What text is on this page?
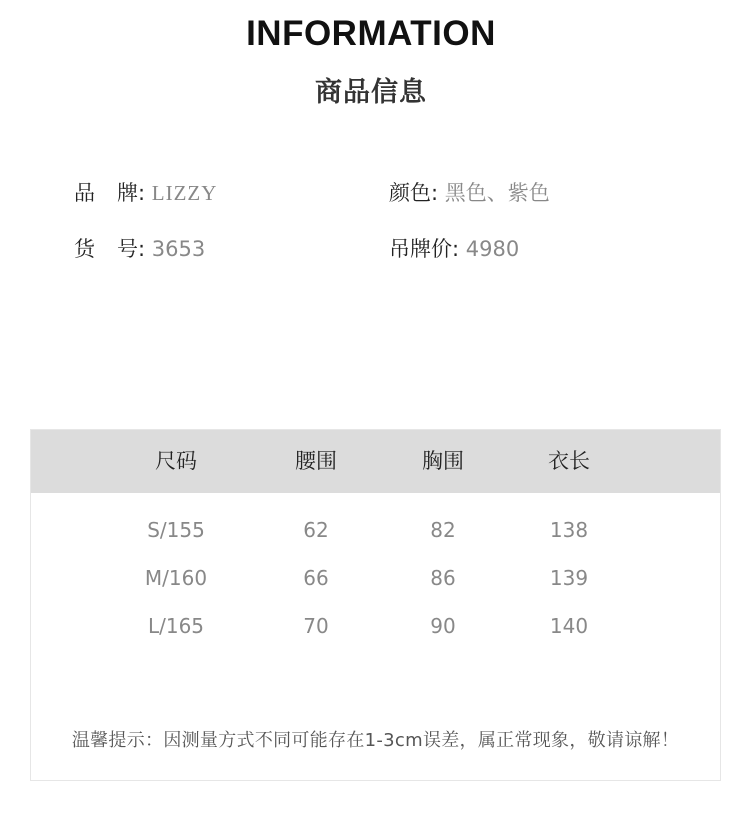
INFORMATION
商品信息
品牌: LIZZY	颜色: 黑色、紫色
货号: 3653	吊牌价: 4980
尺码	腰围	胸围	衣长
S/155	62	82	138
M/160	66	86	139
L/165	70	90	140
温馨提示：因测量方式不同可能存在1-3cm误差，属正常现象，敬请谅解！
